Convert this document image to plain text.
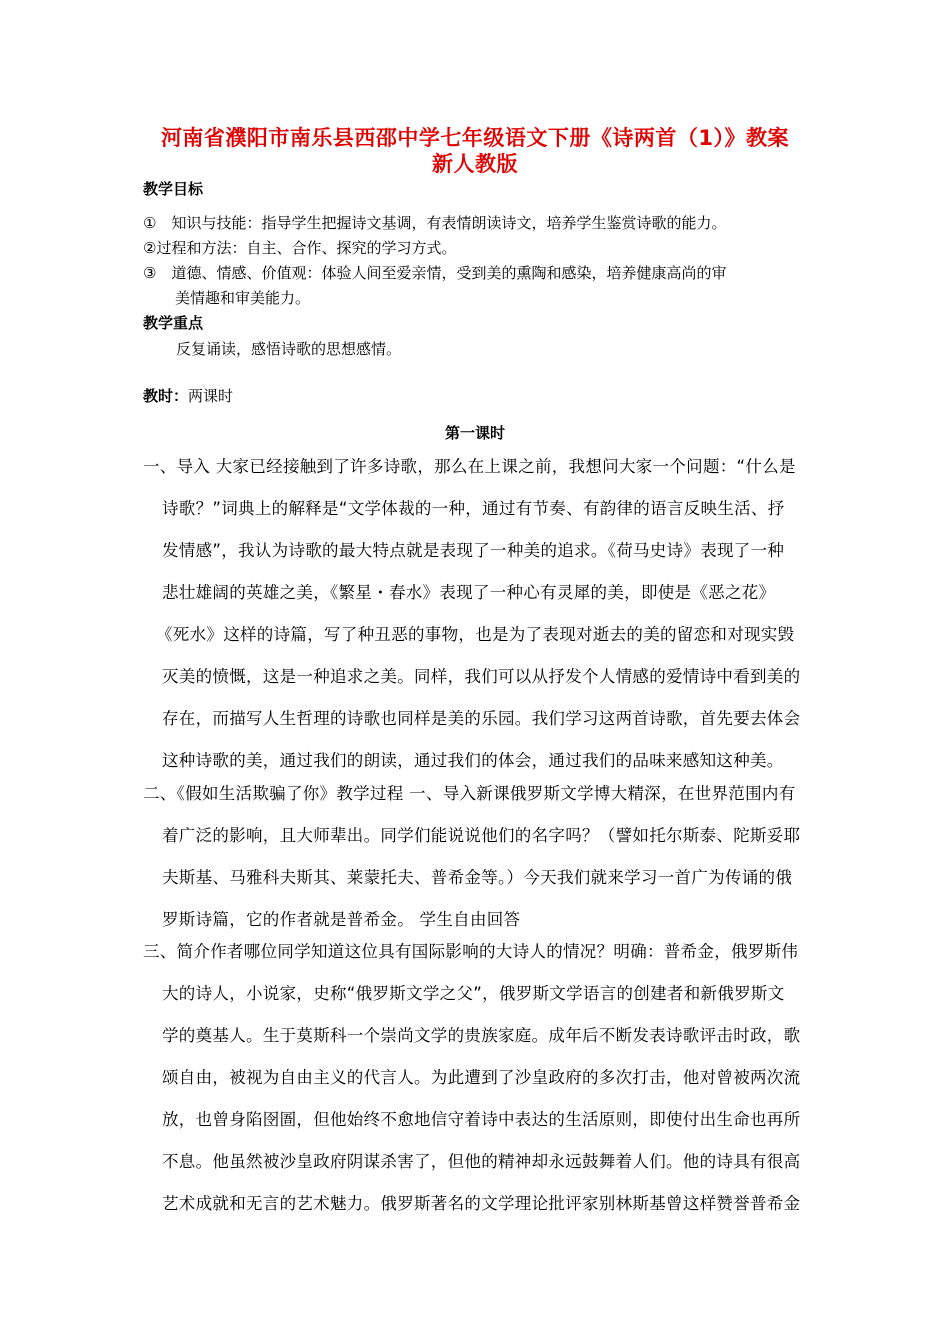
河南省濮阳市南乐县西邵中学七年级语文下册《诗两首（1）》教案
新人教版
教学目标
①　知识与技能：指导学生把握诗文基调，有表情朗读诗文，培养学生鉴赏诗歌的能力。
②过程和方法：自主、合作、探究的学习方式。
③　道德、情感、价值观：体验人间至爱亲情，受到美的熏陶和感染，培养健康高尚的审
美情趣和审美能力。
教学重点
反复诵读，感悟诗歌的思想感情。
教时：两课时
第一课时
一、导入 大家已经接触到了许多诗歌，那么在上课之前，我想问大家一个问题：“什么是
诗歌？”词典上的解释是“文学体裁的一种，通过有节奏、有韵律的语言反映生活、抒
发情感”，我认为诗歌的最大特点就是表现了一种美的追求。《荷马史诗》表现了一种
悲壮雄阔的英雄之美，《繁星・春水》表现了一种心有灵犀的美，即使是《恶之花》
《死水》这样的诗篇，写了种丑恶的事物，也是为了表现对逝去的美的留恋和对现实毁
灭美的愤慨，这是一种追求之美。同样，我们可以从抒发个人情感的爱情诗中看到美的
存在，而描写人生哲理的诗歌也同样是美的乐园。我们学习这两首诗歌，首先要去体会
这种诗歌的美，通过我们的朗读，通过我们的体会，通过我们的品味来感知这种美。
二、《假如生活欺骗了你》教学过程 一、导入新课俄罗斯文学博大精深，在世界范围内有
着广泛的影响，且大师辈出。同学们能说说他们的名字吗？（譬如托尔斯泰、陀斯妥耶
夫斯基、马雅科夫斯其、莱蒙托夫、普希金等。）今天我们就来学习一首广为传诵的俄
罗斯诗篇，它的作者就是普希金。 学生自由回答
三、简介作者哪位同学知道这位具有国际影响的大诗人的情况？明确：普希金，俄罗斯伟
大的诗人，小说家，史称“俄罗斯文学之父”，俄罗斯文学语言的创建者和新俄罗斯文
学的奠基人。生于莫斯科一个崇尚文学的贵族家庭。成年后不断发表诗歌评击时政，歌
颂自由，被视为自由主义的代言人。为此遭到了沙皇政府的多次打击，他对曾被两次流
放，也曾身陷囹圄，但他始终不愈地信守着诗中表达的生活原则，即使付出生命也再所
不息。他虽然被沙皇政府阴谋杀害了，但他的精神却永远鼓舞着人们。他的诗具有很高
艺术成就和无言的艺术魅力。俄罗斯著名的文学理论批评家别林斯基曾这样赞誉普希金
